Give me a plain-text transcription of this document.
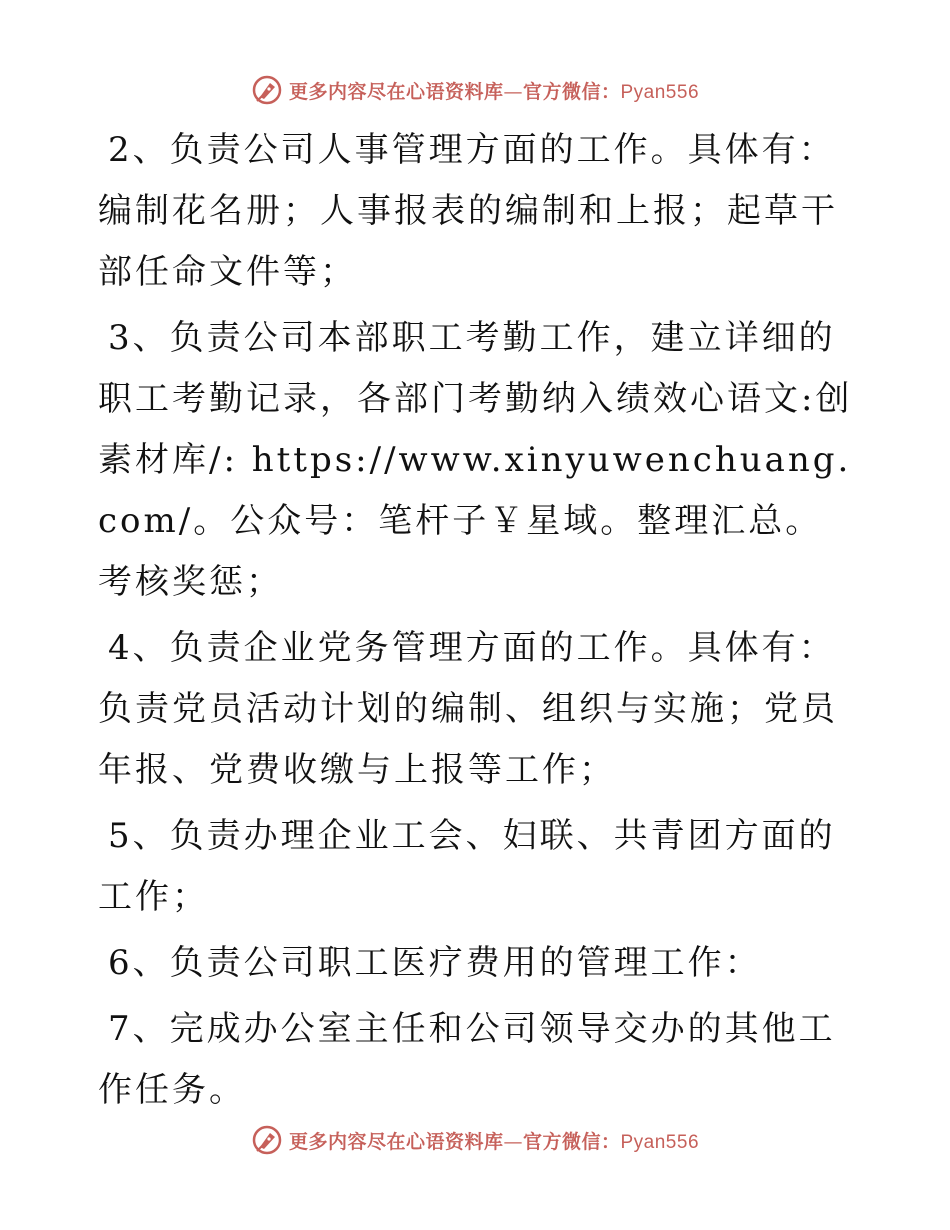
更多内容尽在心语资料库—官方微信：Pyan556

2、负责公司人事管理方面的工作。具体有：编制花名册；人事报表的编制和上报；起草干部任命文件等；

3、负责公司本部职工考勤工作，建立详细的职工考勤记录，各部门考勤纳入绩效心语文:创素材库/: https://www.xinyuwenchuang.com/。公众号：笔杆子￥星域。整理汇总。考核奖惩；

4、负责企业党务管理方面的工作。具体有：负责党员活动计划的编制、组织与实施；党员年报、党费收缴与上报等工作；

5、负责办理企业工会、妇联、共青团方面的工作；

6、负责公司职工医疗费用的管理工作：

7、完成办公室主任和公司领导交办的其他工作任务。

更多内容尽在心语资料库—官方微信：Pyan556
